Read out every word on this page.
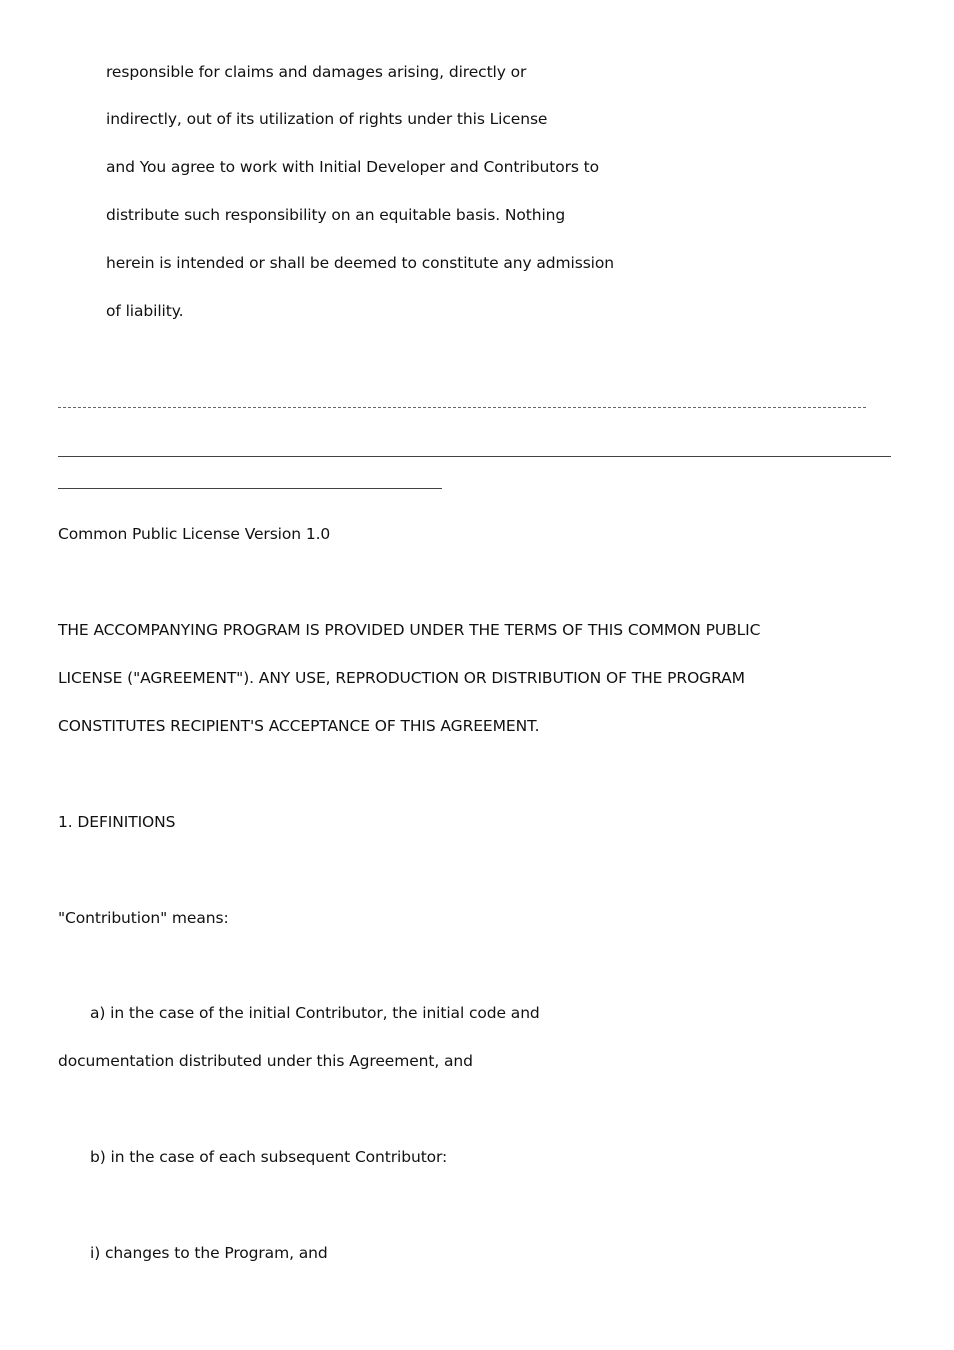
responsible for claims and damages arising, directly or
indirectly, out of its utilization of rights under this License
and You agree to work with Initial Developer and Contributors to
distribute such responsibility on an equitable basis. Nothing
herein is intended or shall be deemed to constitute any admission
of liability.
Common Public License Version 1.0
THE ACCOMPANYING PROGRAM IS PROVIDED UNDER THE TERMS OF THIS COMMON PUBLIC
LICENSE ("AGREEMENT"). ANY USE, REPRODUCTION OR DISTRIBUTION OF THE PROGRAM
CONSTITUTES RECIPIENT'S ACCEPTANCE OF THIS AGREEMENT.
1. DEFINITIONS
"Contribution" means:
a) in the case of the initial Contributor, the initial code and
documentation distributed under this Agreement, and
b) in the case of each subsequent Contributor:
i) changes to the Program, and
